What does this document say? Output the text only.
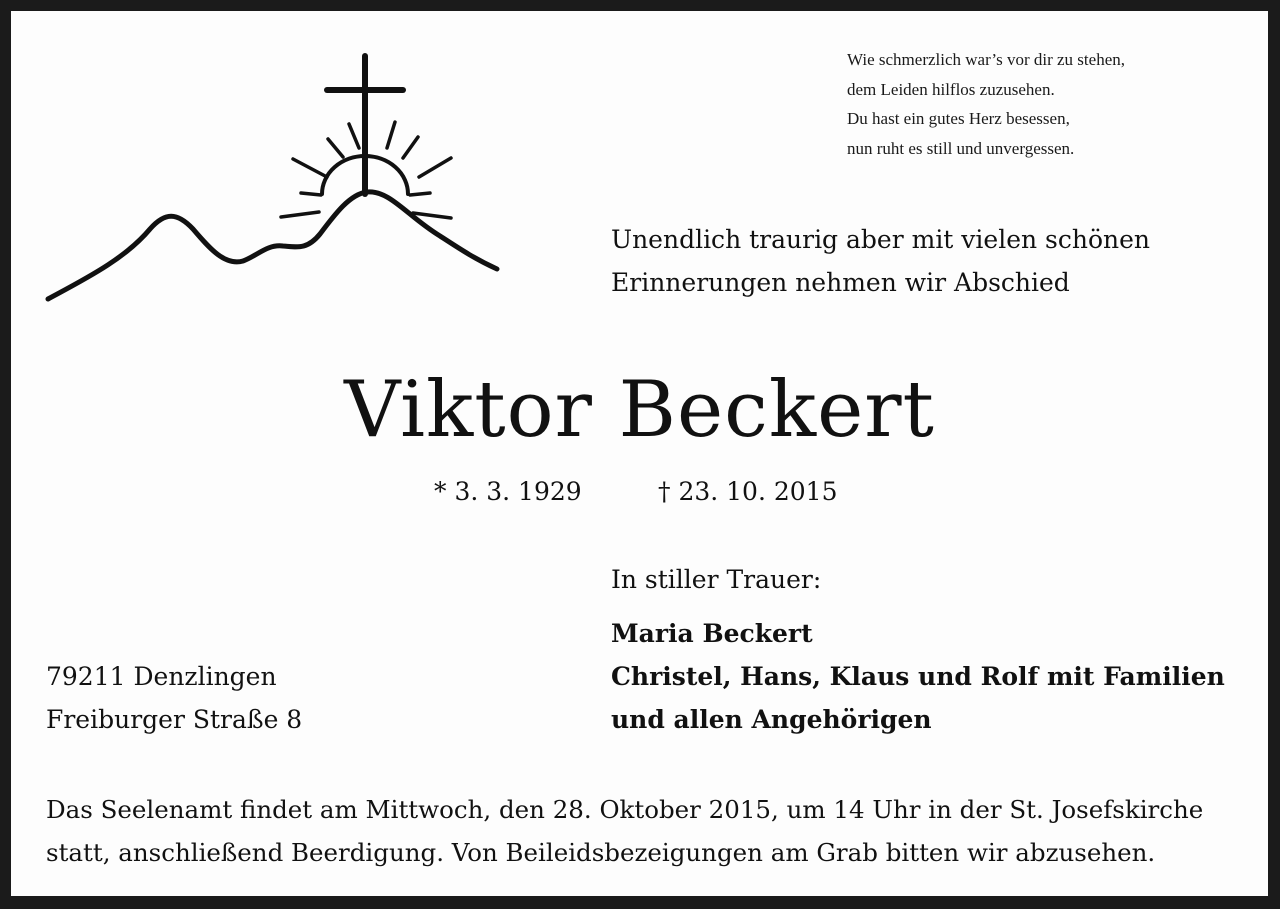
Wie schmerzlich war’s vor dir zu stehen,
dem Leiden hilflos zuzusehen.
Du hast ein gutes Herz besessen,
nun ruht es still und unvergessen.
Unendlich traurig aber mit vielen schönen
Erinnerungen nehmen wir Abschied
Viktor Beckert
* 3. 3. 1929	† 23. 10. 2015
In stiller Trauer:
Maria Beckert
Christel, Hans, Klaus und Rolf mit Familien
und allen Angehörigen
79211 Denzlingen
Freiburger Straße 8
Das Seelenamt findet am Mittwoch, den 28. Oktober 2015, um 14 Uhr in der St. Josefskirche
statt, anschließend Beerdigung. Von Beileidsbezeigungen am Grab bitten wir abzusehen.
